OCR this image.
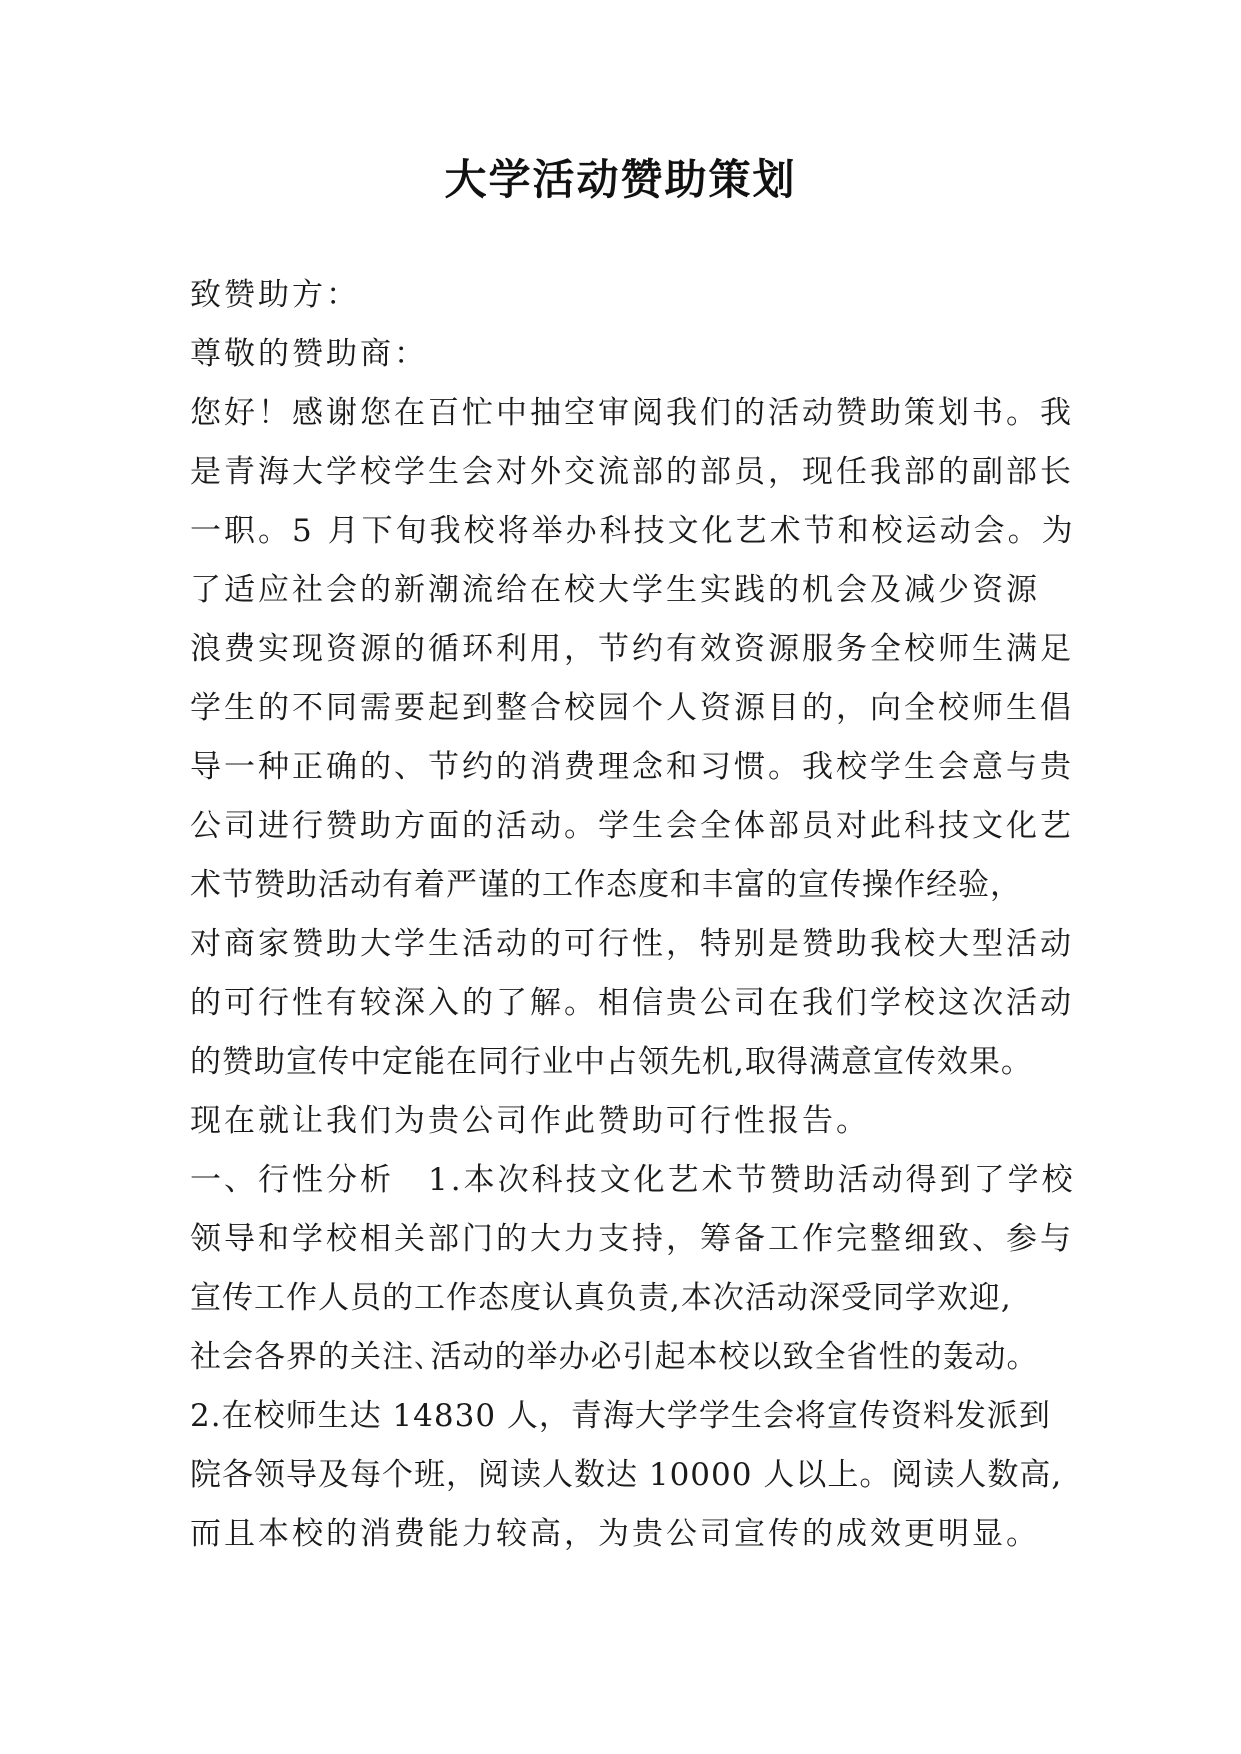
大学活动赞助策划
致赞助方：
尊敬的赞助商：
您好！感谢您在百忙中抽空审阅我们的活动赞助策划书。我
是青海大学校学生会对外交流部的部员，现任我部的副部长
一职。5 月下旬我校将举办科技文化艺术节和校运动会。为
了适应社会的新潮流给在校大学生实践的机会及减少资源
浪费实现资源的循环利用，节约有效资源服务全校师生满足
学生的不同需要起到整合校园个人资源目的，向全校师生倡
导一种正确的、节约的消费理念和习惯。我校学生会意与贵
公司进行赞助方面的活动。学生会全体部员对此科技文化艺
术节赞助活动有着严谨的工作态度和丰富的宣传操作经验，
对商家赞助大学生活动的可行性，特别是赞助我校大型活动
的可行性有较深入的了解。相信贵公司在我们学校这次活动
的赞助宣传中定能在同行业中占领先机,取得满意宣传效果。
现在就让我们为贵公司作此赞助可行性报告。
一、行性分析　1.本次科技文化艺术节赞助活动得到了学校
领导和学校相关部门的大力支持，筹备工作完整细致、参与
宣传工作人员的工作态度认真负责,本次活动深受同学欢迎,
社会各界的关注､活动的举办必引起本校以致全省性的轰动。
2.在校师生达 14830 人，青海大学学生会将宣传资料发派到
院各领导及每个班，阅读人数达 10000 人以上。阅读人数高,
而且本校的消费能力较高，为贵公司宣传的成效更明显。
